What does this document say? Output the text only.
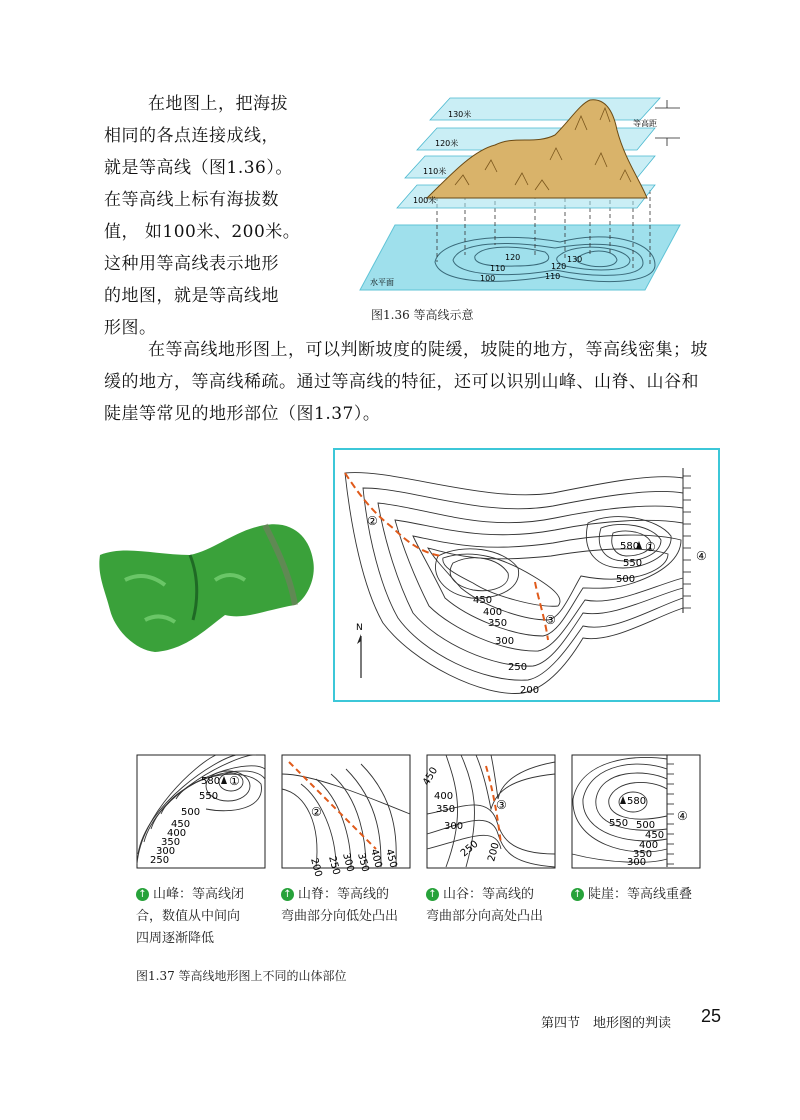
在地图上，把海拔
相同的各点连接成线，
就是等高线（图1.36）。
在等高线上标有海拔数
值， 如100米、200米。
这种用等高线表示地形
的地图，就是等高线地
形图。
等高距
130米
120米
110米
100米
水平面	100
110
120
110
120
130
图1.36 等高线示意
在等高线地形图上，可以判断坡度的陡缓，坡陡的地方，等高线密集；坡
缓的地方，等高线稀疏。通过等高线的特征，还可以识别山峰、山脊、山谷和
陡崖等常见的地形部位（图1.37）。
N
580 ①
②
③
④
550
500
450
400
350
300
250
200
580 ①
550
500
450
400
350
300
250
②
200 250
300 350
400 450
450
400
350
300
③
250 200
580
550 500
④
450
400
350
300
↑ 山峰：等高线闭
合，数值从中间向
四周逐渐降低
↑ 山脊：等高线的
弯曲部分向低处凸出
↑ 山谷：等高线的
弯曲部分向高处凸出
↑ 陡崖：等高线重叠
图1.37 等高线地形图上不同的山体部位
第四节　地形图的判读 25
